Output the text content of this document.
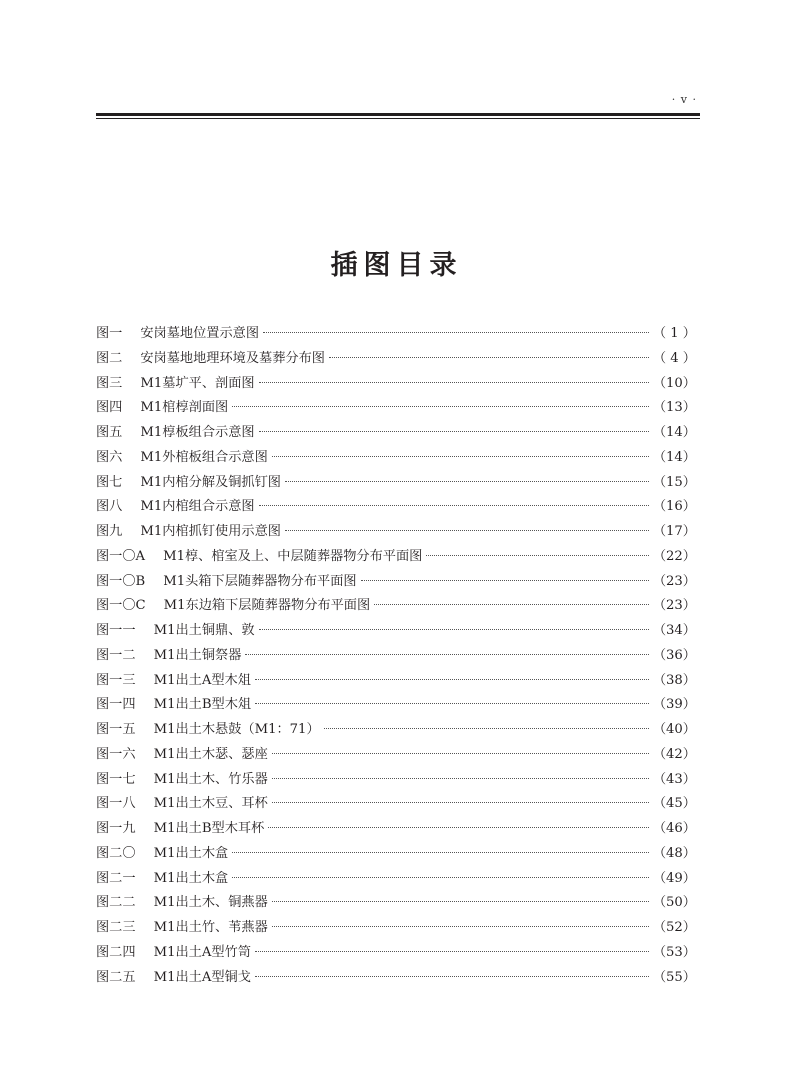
· v ·
插图目录
图一 安岗墓地位置示意图	（ 1 ）
图二 安岗墓地地理环境及墓葬分布图	（ 4 ）
图三 M1墓圹平、剖面图	（10）
图四 M1棺椁剖面图	（13）
图五 M1椁板组合示意图	（14）
图六 M1外棺板组合示意图	（14）
图七 M1内棺分解及铜抓钉图	（15）
图八 M1内棺组合示意图	（16）
图九 M1内棺抓钉使用示意图	（17）
图一〇A M1椁、棺室及上、中层随葬器物分布平面图	（22）
图一〇B M1头箱下层随葬器物分布平面图	（23）
图一〇C M1东边箱下层随葬器物分布平面图	（23）
图一一 M1出土铜鼎、敦	（34）
图一二 M1出土铜祭器	（36）
图一三 M1出土A型木俎	（38）
图一四 M1出土B型木俎	（39）
图一五 M1出土木悬鼓（M1：71）	（40）
图一六 M1出土木瑟、瑟座	（42）
图一七 M1出土木、竹乐器	（43）
图一八 M1出土木豆、耳杯	（45）
图一九 M1出土B型木耳杯	（46）
图二〇 M1出土木盒	（48）
图二一 M1出土木盒	（49）
图二二 M1出土木、铜燕器	（50）
图二三 M1出土竹、苇燕器	（52）
图二四 M1出土A型竹笥	（53）
图二五 M1出土A型铜戈	（55）
